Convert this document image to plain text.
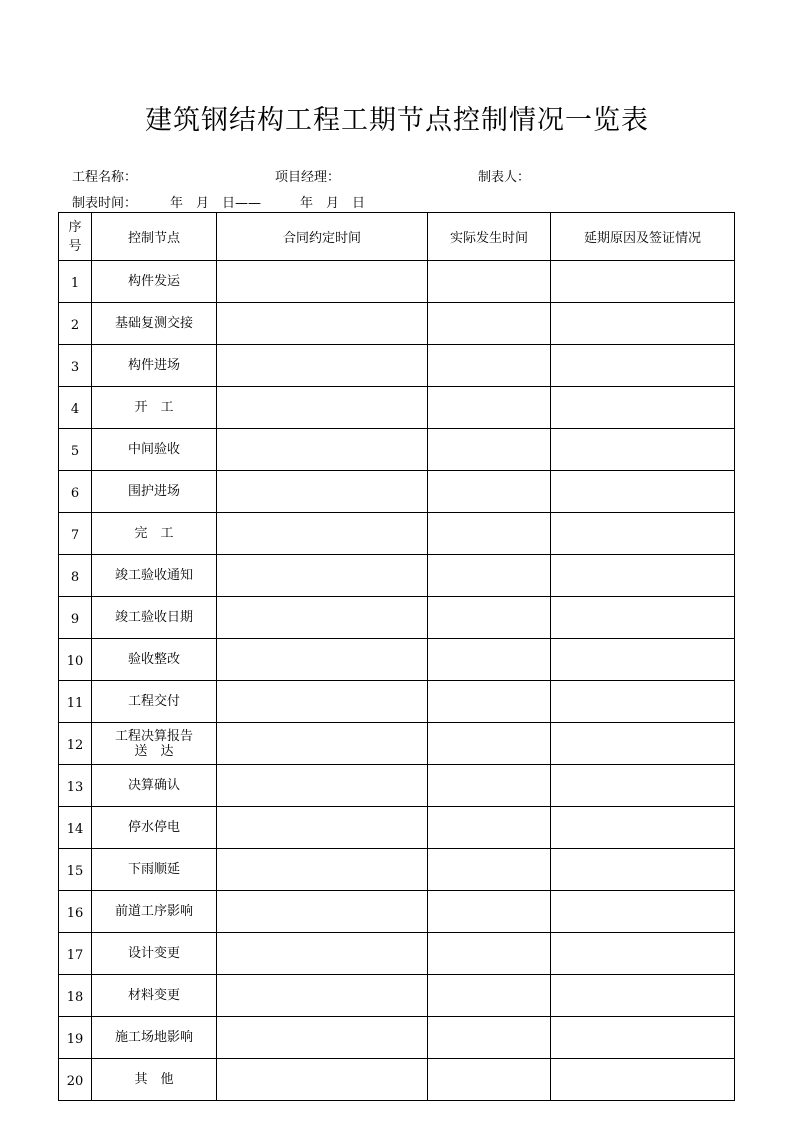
建筑钢结构工程工期节点控制情况一览表
工程名称：	项目经理：	制表人：
制表时间：	年　月　日——　　　年　月　日
序
号	控制节点	合同约定时间	实际发生时间	延期原因及签证情况
1	构件发运			
2	基础复测交接			
3	构件进场			
4	开　工			
5	中间验收			
6	围护进场			
7	完　工			
8	竣工验收通知			
9	竣工验收日期			
10	验收整改			
11	工程交付			
12	工程决算报告
送　达			
13	决算确认			
14	停水停电			
15	下雨顺延			
16	前道工序影响			
17	设计变更			
18	材料变更			
19	施工场地影响			
20	其　他			
